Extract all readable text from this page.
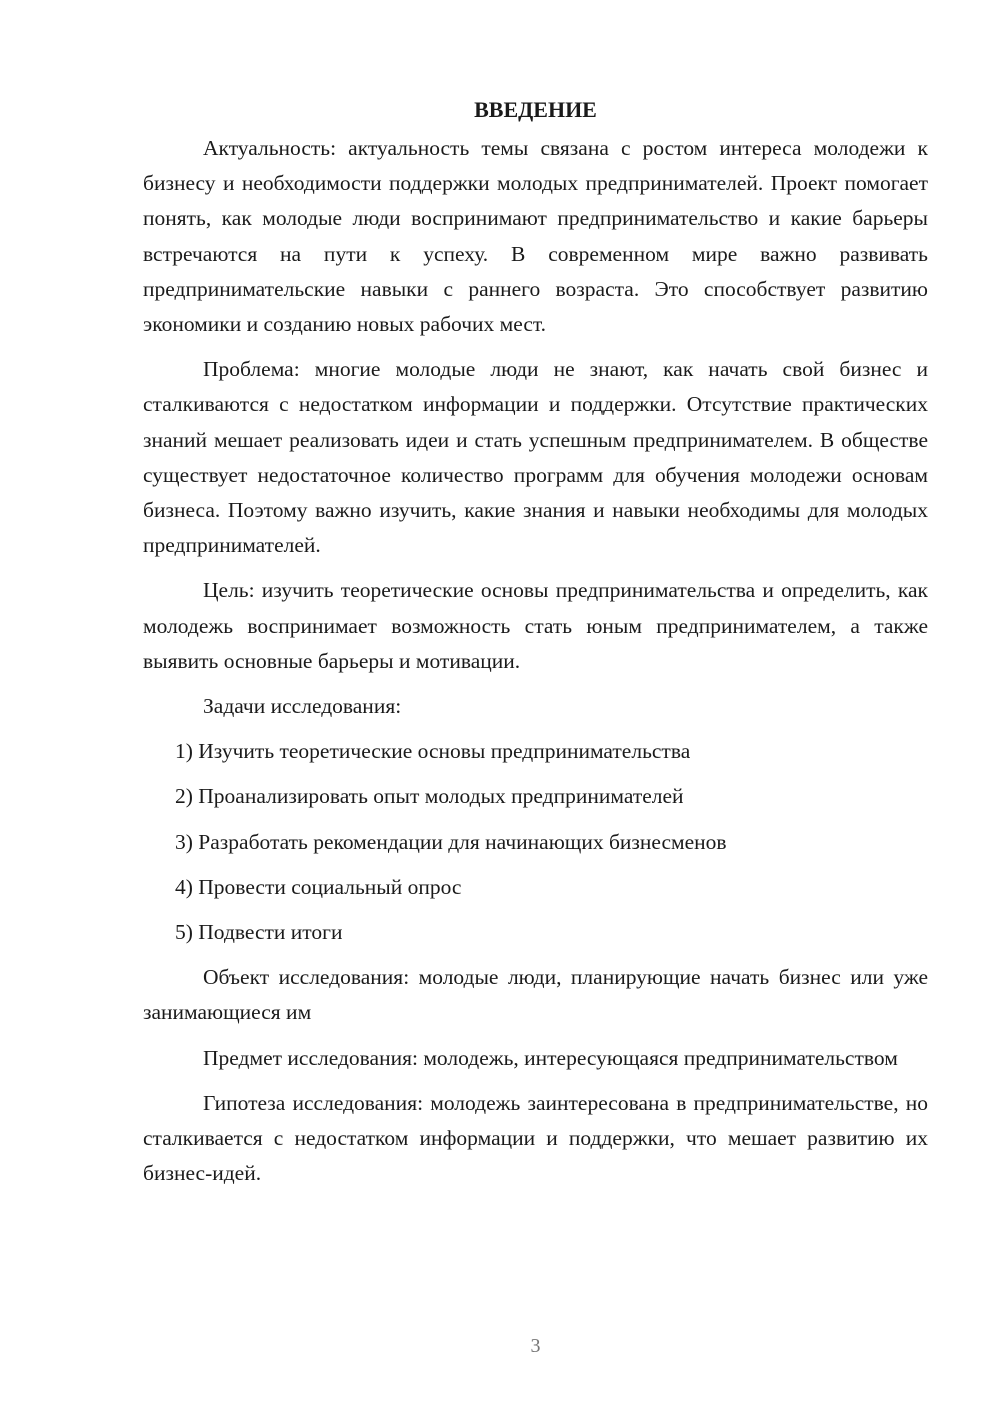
ВВЕДЕНИЕ

Актуальность: актуальность темы связана с ростом интереса молодежи к бизнесу и необходимости поддержки молодых предпринимателей. Проект помогает понять, как молодые люди воспринимают предпринимательство и какие барьеры встречаются на пути к успеху. В современном мире важно развивать предпринимательские навыки с раннего возраста. Это способствует развитию экономики и созданию новых рабочих мест.

Проблема: многие молодые люди не знают, как начать свой бизнес и сталкиваются с недостатком информации и поддержки. Отсутствие практических знаний мешает реализовать идеи и стать успешным предпринимателем. В обществе существует недостаточное количество программ для обучения молодежи основам бизнеса. Поэтому важно изучить, какие знания и навыки необходимы для молодых предпринимателей.

Цель: изучить теоретические основы предпринимательства и определить, как молодежь воспринимает возможность стать юным предпринимателем, а также выявить основные барьеры и мотивации.

Задачи исследования:

1) Изучить теоретические основы предпринимательства
2) Проанализировать опыт молодых предпринимателей
3) Разработать рекомендации для начинающих бизнесменов
4) Провести социальный опрос
5) Подвести итоги

Объект исследования: молодые люди, планирующие начать бизнес или уже занимающиеся им

Предмет исследования: молодежь, интересующаяся предпринимательством

Гипотеза исследования: молодежь заинтересована в предпринимательстве, но сталкивается с недостатком информации и поддержки, что мешает развитию их бизнес-идей.

3
